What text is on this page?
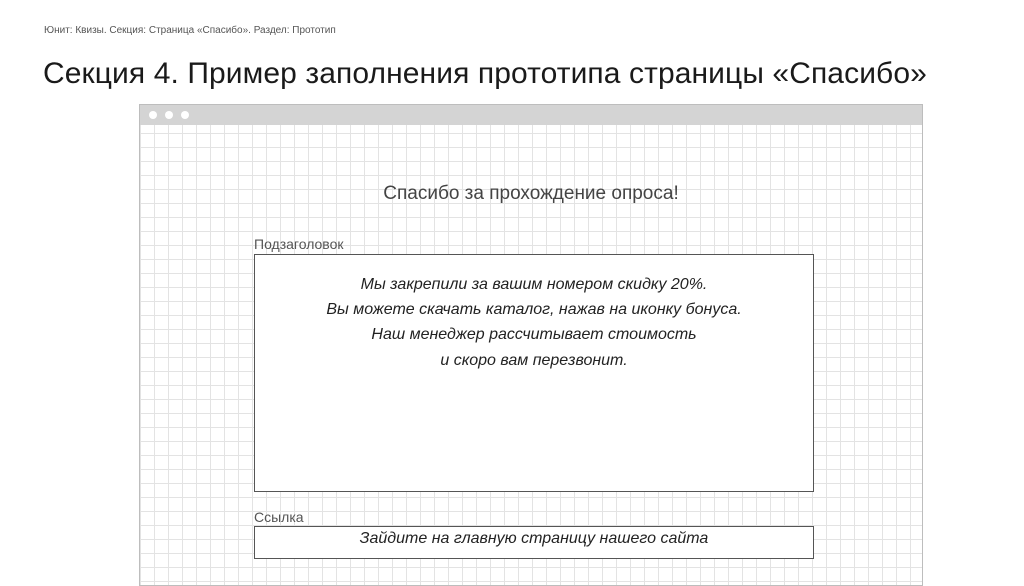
Юнит: Квизы. Секция: Страница «Спасибо». Раздел: Прототип
Секция 4. Пример заполнения прототипа страницы «Спасибо»
Спасибо за прохождение опроса!
Подзаголовок
Мы закрепили за вашим номером скидку 20%.
Вы можете скачать каталог, нажав на иконку бонуса.
Наш менеджер рассчитывает стоимость
и скоро вам перезвонит.
Ссылка
Зайдите на главную страницу нашего сайта
